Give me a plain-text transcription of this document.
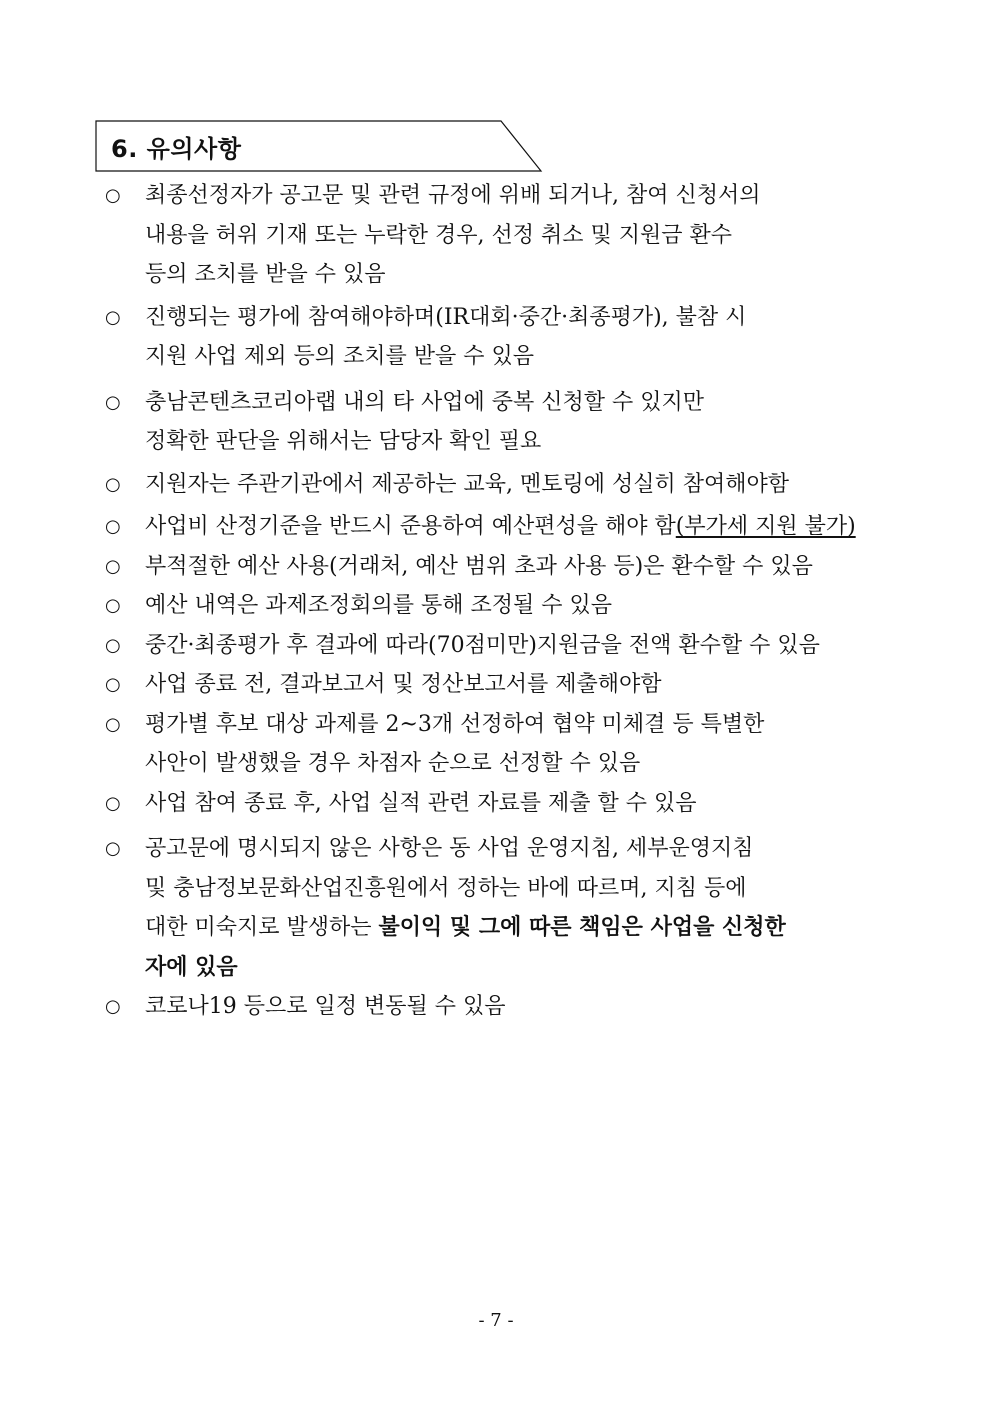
6. 유의사항
○ 최종선정자가 공고문 및 관련 규정에 위배 되거나, 참여 신청서의
내용을 허위 기재 또는 누락한 경우, 선정 취소 및 지원금 환수
등의 조치를 받을 수 있음
○ 진행되는 평가에 참여해야하며(IR대회·중간·최종평가), 불참 시
지원 사업 제외 등의 조치를 받을 수 있음
○ 충남콘텐츠코리아랩 내의 타 사업에 중복 신청할 수 있지만
정확한 판단을 위해서는 담당자 확인 필요
○ 지원자는 주관기관에서 제공하는 교육, 멘토링에 성실히 참여해야함
○ 사업비 산정기준을 반드시 준용하여 예산편성을 해야 함(부가세 지원 불가)
○ 부적절한 예산 사용(거래처, 예산 범위 초과 사용 등)은 환수할 수 있음
○ 예산 내역은 과제조정회의를 통해 조정될 수 있음
○ 중간·최종평가 후 결과에 따라(70점미만)지원금을 전액 환수할 수 있음
○ 사업 종료 전, 결과보고서 및 정산보고서를 제출해야함
○ 평가별 후보 대상 과제를 2~3개 선정하여 협약 미체결 등 특별한
사안이 발생했을 경우 차점자 순으로 선정할 수 있음
○ 사업 참여 종료 후, 사업 실적 관련 자료를 제출 할 수 있음
○ 공고문에 명시되지 않은 사항은 동 사업 운영지침, 세부운영지침
및 충남정보문화산업진흥원에서 정하는 바에 따르며, 지침 등에
대한 미숙지로 발생하는 불이익 및 그에 따른 책임은 사업을 신청한
자에 있음
○ 코로나19 등으로 일정 변동될 수 있음
- 7 -
